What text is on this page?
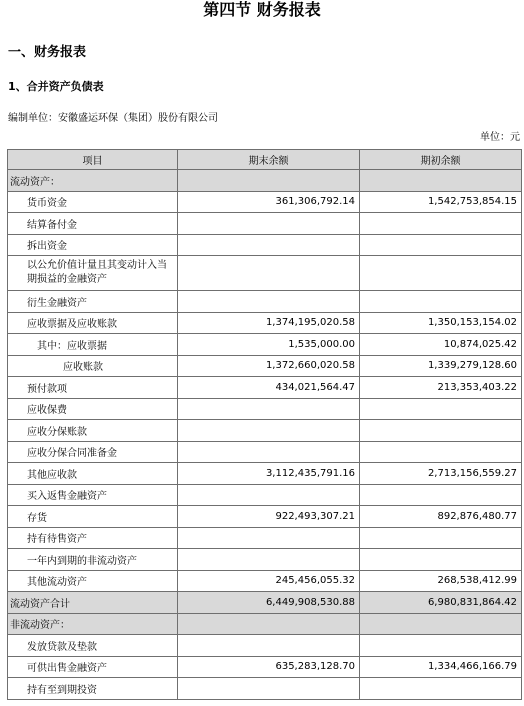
第四节 财务报表
一、财务报表
1、合并资产负债表
编制单位：安徽盛运环保（集团）股份有限公司
单位：元
项目	期末余额	期初余额
流动资产：		
货币资金	361,306,792.14	1,542,753,854.15
结算备付金		
拆出资金		
以公允价值计量且其变动计入当期损益的金融资产		
衍生金融资产		
应收票据及应收账款	1,374,195,020.58	1,350,153,154.02
其中：应收票据	1,535,000.00	10,874,025.42
应收账款	1,372,660,020.58	1,339,279,128.60
预付款项	434,021,564.47	213,353,403.22
应收保费		
应收分保账款		
应收分保合同准备金		
其他应收款	3,112,435,791.16	2,713,156,559.27
买入返售金融资产		
存货	922,493,307.21	892,876,480.77
持有待售资产		
一年内到期的非流动资产		
其他流动资产	245,456,055.32	268,538,412.99
流动资产合计	6,449,908,530.88	6,980,831,864.42
非流动资产：		
发放贷款及垫款		
可供出售金融资产	635,283,128.70	1,334,466,166.79
持有至到期投资		
